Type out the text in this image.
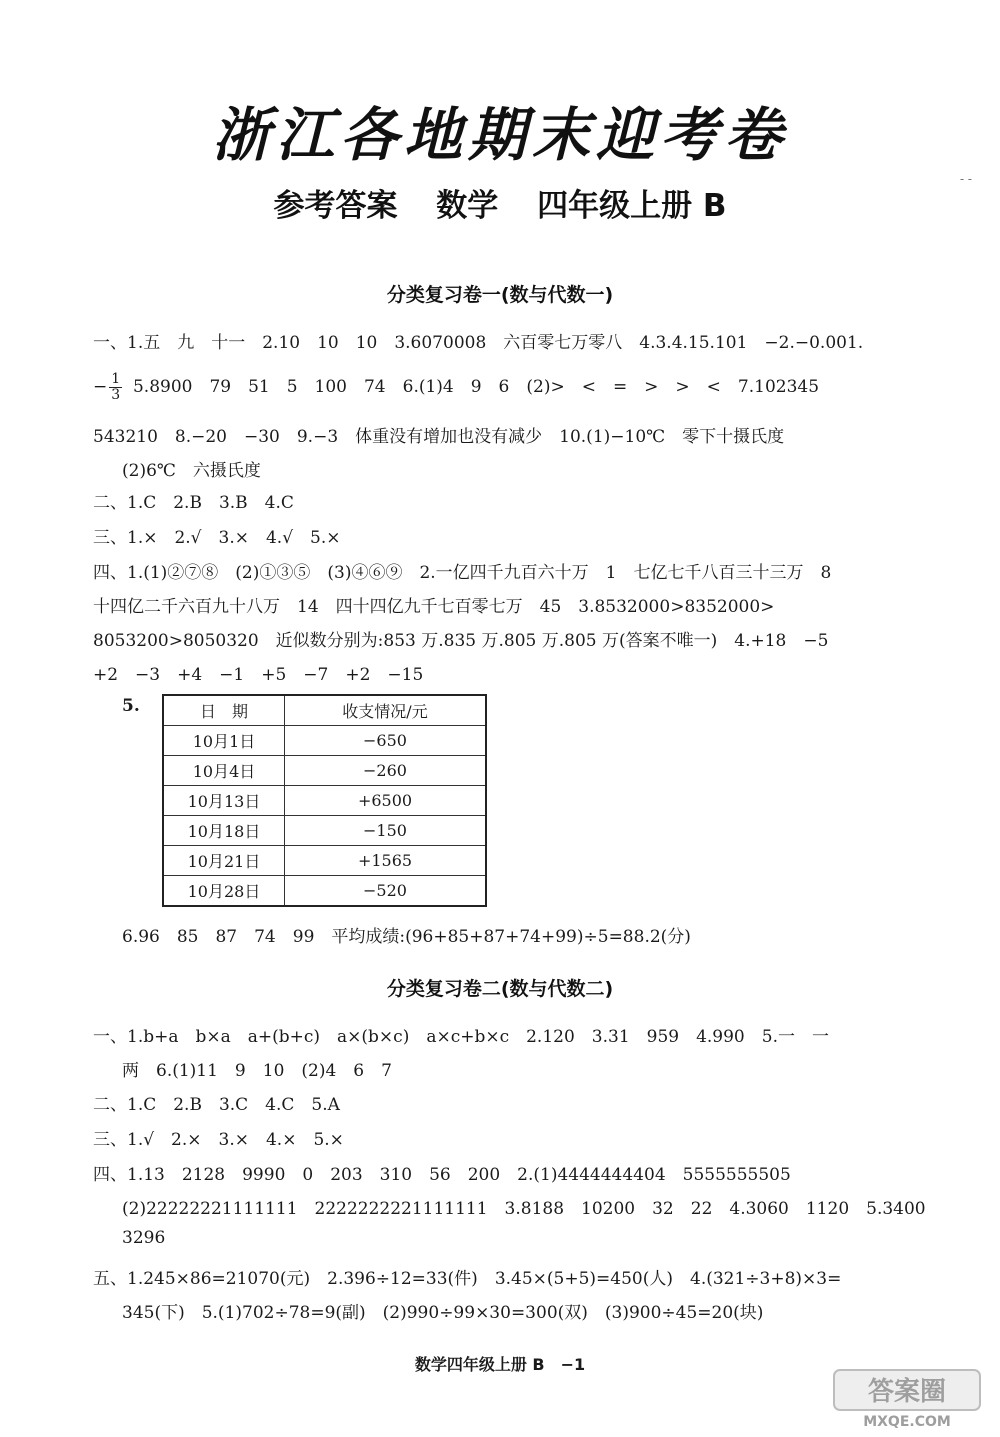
浙江各地期末迎考卷
- -
参考答案 数学 四年级上册 B
分类复习卷一(数与代数一)
一、1.五　九　十一　2.10　10　10　3.6070008　六百零七万零八　4.3.4.15.101　−2.−0.001.
− $\frac{1}{3} 5.8900$　79　51　5　100　74　6.(1)4　9　6　(2)>　<　=　>　>　<　7.102345
543210　8.−20　−30　9.−3　体重没有增加也没有减少　10.(1)−10℃　零下十摄氏度
(2)6℃　六摄氏度
二、1.C　2.B　3.B　4.C
三、1.×　2.√　3.×　4.√　5.×
四、1.(1)②⑦⑧　(2)①③⑤　(3)④⑥⑨　2.一亿四千九百六十万　1　七亿七千八百三十三万　8
十四亿二千六百九十八万　14　四十四亿九千七百零七万　45　3.8532000>8352000>
8053200>8050320　近似数分别为:853 万.835 万.805 万.805 万(答案不唯一)　4.+18　−5
+2　−3　+4　−1　+5　−7　+2　−15
5.	日　期	收支情况/元
10月1日	−650
10月4日	−260
10月13日	+6500
10月18日	−150
10月21日	+1565
10月28日	−520
6.96　85　87　74　99　平均成绩:(96+85+87+74+99)÷5=88.2(分)
分类复习卷二(数与代数二)
一、1.b+a　b×a　a+(b+c)　a×(b×c)　a×c+b×c　2.120　3.31　959　4.990　5.一　一
两　6.(1)11　9　10　(2)4　6　7
二、1.C　2.B　3.C　4.C　5.A
三、1.√　2.×　3.×　4.×　5.×
四、1.13　2128　9990　0　203　310　56　200　2.(1)4444444404　5555555505
(2)22222221111111　2222222221111111　3.8188　10200　32　22　4.3060　1120　5.3400
3296
五、1.245×86=21070(元)　2.396÷12=33(件)　3.45×(5+5)=450(人)　4.(321÷3+8)×3=
345(下)　5.(1)702÷78=9(副)　(2)990÷99×30=300(双)　(3)900÷45=20(块)
数学四年级上册 B　−1
答案圈
MXQE.COM
